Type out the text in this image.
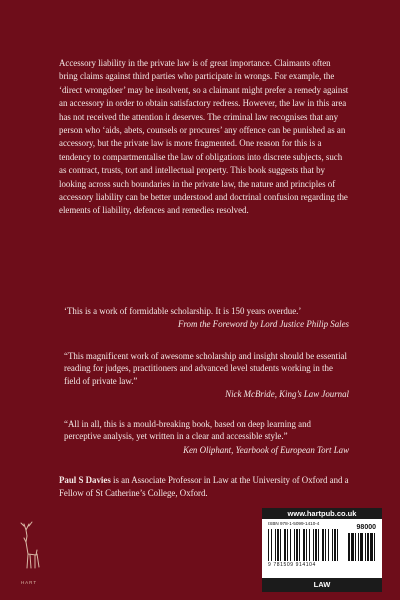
Accessory liability in the private law is of great importance. Claimants often bring claims against third parties who participate in wrongs. For example, the ‘direct wrongdoer’ may be insolvent, so a claimant might prefer a remedy against an accessory in order to obtain satisfactory redress. However, the law in this area has not received the attention it deserves. The criminal law recognises that any person who ‘aids, abets, counsels or procures’ any offence can be punished as an accessory, but the private law is more fragmented. One reason for this is a tendency to compartmentalise the law of obligations into discrete subjects, such as contract, trusts, tort and intellectual property. This book suggests that by looking across such boundaries in the private law, the nature and principles of accessory liability can be better understood and doctrinal confusion regarding the elements of liability, defences and remedies resolved.

‘This is a work of formidable scholarship. It is 150 years overdue.’

From the Foreword by Lord Justice Philip Sales

“This magnificent work of awesome scholarship and insight should be essential reading for judges, practitioners and advanced level students working in the field of private law.”

Nick McBride, King’s Law Journal

“All in all, this is a mould-breaking book, based on deep learning and perceptive analysis, yet written in a clear and accessible style.”

Ken Oliphant, Yearbook of European Tort Law

Paul S Davies is an Associate Professor in Law at the University of Oxford and a Fellow of St Catherine’s College, Oxford.
HART
www.hartpub.co.uk
ISBN 978-1-5099-1410-4
98000
9 781509 914104
LAW
